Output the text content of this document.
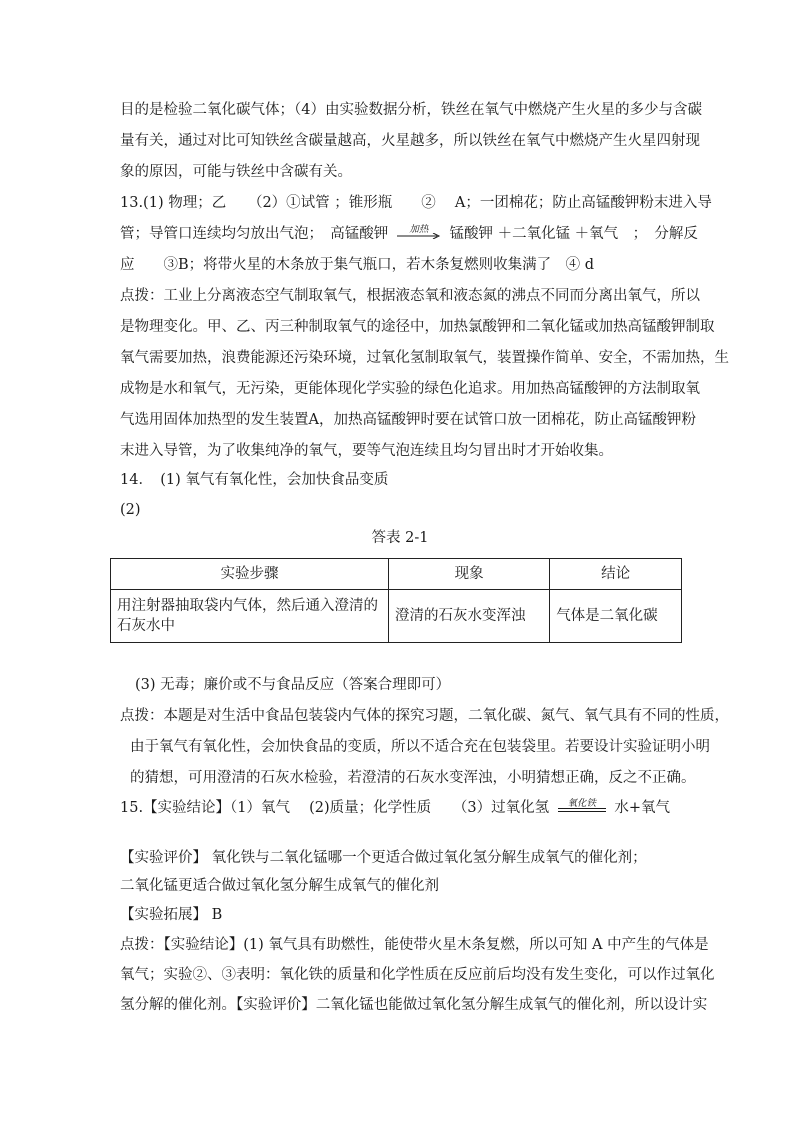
目的是检验二氧化碳气体；（4）由实验数据分析，铁丝在氧气中燃烧产生火星的多少与含碳
量有关，通过对比可知铁丝含碳量越高，火星越多，所以铁丝在氧气中燃烧产生火星四射现
象的原因，可能与铁丝中含碳有关。
13.(1) 物理；乙　　（2）①试管 ；锥形瓶　　②　 A；一团棉花；防止高锰酸钾粉末进入导
管；导管口连续均匀放出气泡；　高锰酸钾	加热	锰酸钾 ＋二氧化锰 ＋氧气　；　分解反
应　　③B；将带火星的木条放于集气瓶口，若木条复燃则收集满了　④ d
点拨：工业上分离液态空气制取氧气，根据液态氧和液态氮的沸点不同而分离出氧气，所以
是物理变化。甲、乙、丙三种制取氧气的途径中，加热氯酸钾和二氧化锰或加热高锰酸钾制取
氧气需要加热，浪费能源还污染环境，过氧化氢制取氧气，装置操作简单、安全，不需加热，生
成物是水和氧气，无污染，更能体现化学实验的绿色化追求。用加热高锰酸钾的方法制取氧
气选用固体加热型的发生装置A，加热高锰酸钾时要在试管口放一团棉花，防止高锰酸钾粉
末进入导管，为了收集纯净的氧气，要等气泡连续且均匀冒出时才开始收集。
14．　(1) 氧气有氧化性，会加快食品变质
(2)
答表 2-1
实验步骤	现象	结论
用注射器抽取袋内气体，然后通入澄清的石灰水中	澄清的石灰水变浑浊	气体是二氧化碳
(3) 无毒；廉价或不与食品反应（答案合理即可）
点拨：本题是对生活中食品包装袋内气体的探究习题，二氧化碳、氮气、氧气具有不同的性质，
由于氧气有氧化性，会加快食品的变质，所以不适合充在包装袋里。若要设计实验证明小明
的猜想，可用澄清的石灰水检验，若澄清的石灰水变浑浊，小明猜想正确，反之不正确。
15.【实验结论】（1）氧气　 (2)质量；化学性质　　（3）过氧化氢	氧化铁	水+氧气
【实验评价】 氧化铁与二氧化锰哪一个更适合做过氧化氢分解生成氧气的催化剂；
二氧化锰更适合做过氧化氢分解生成氧气的催化剂
【实验拓展】 B
点拨：【实验结论】(1) 氧气具有助燃性，能使带火星木条复燃，所以可知 A 中产生的气体是
氧气；实验②、③表明：氧化铁的质量和化学性质在反应前后均没有发生变化，可以作过氧化
氢分解的催化剂。【实验评价】二氧化锰也能做过氧化氢分解生成氧气的催化剂，所以设计实
